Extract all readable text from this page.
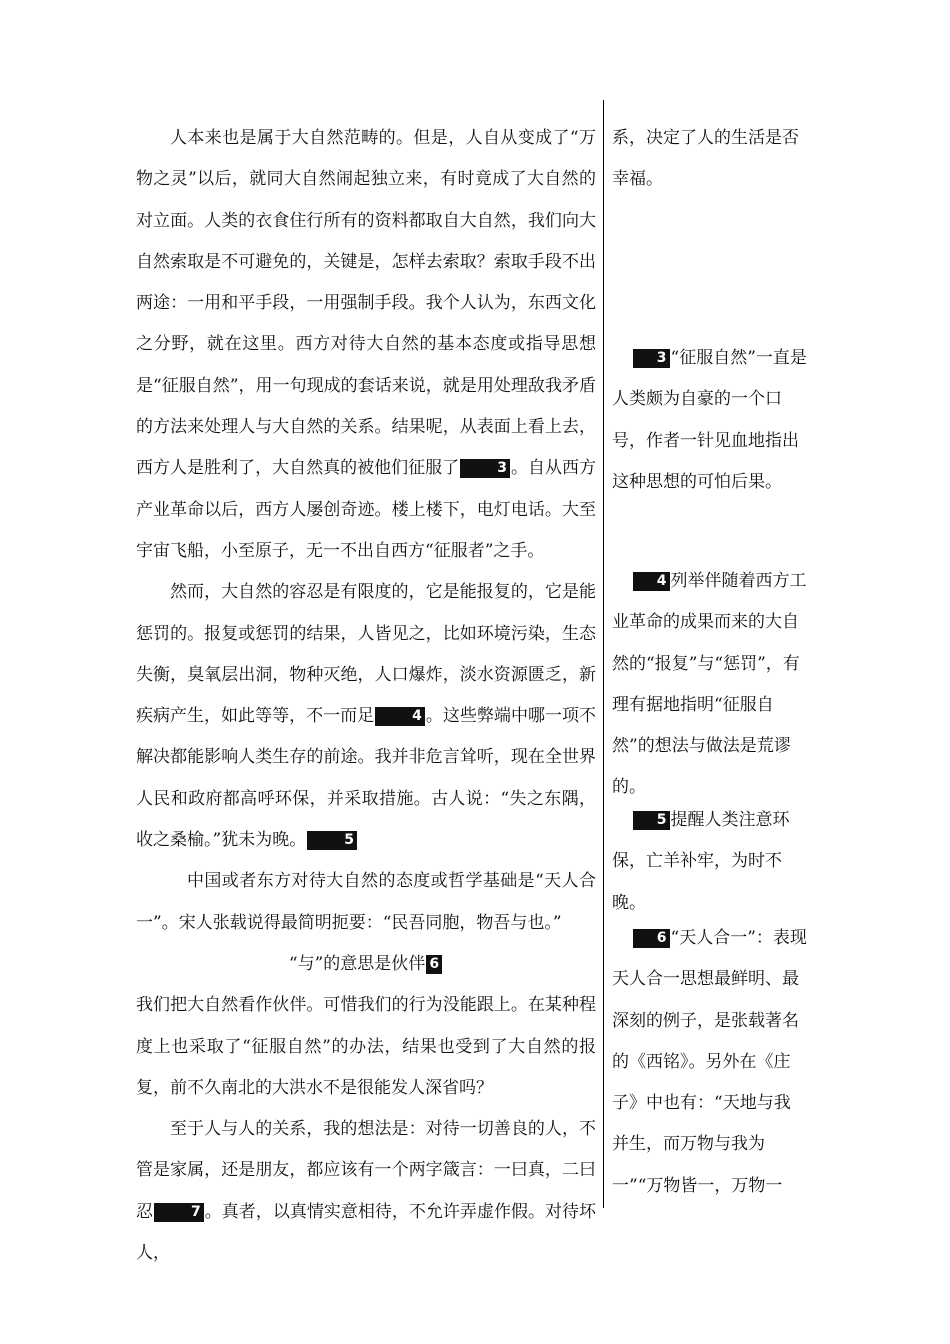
人本来也是属于大自然范畴的。但是，人自从变成了“万物之灵”以后，就同大自然闹起独立来，有时竟成了大自然的对立面。人类的衣食住行所有的资料都取自大自然，我们向大自然索取是不可避免的，关键是，怎样去索取？索取手段不出两途：一用和平手段，一用强制手段。我个人认为，东西文化之分野，就在这里。西方对待大自然的基本态度或指导思想是“征服自然”，用一句现成的套话来说，就是用处理敌我矛盾的方法来处理人与大自然的关系。结果呢，从表面上看上去，西方人是胜利了，大自然真的被他们征服了	3 。自从西方产业革命以后，西方人屡创奇迹。楼上楼下，电灯电话。大至宇宙飞船，小至原子，无一不出自西方“征服者”之手。

然而，大自然的容忍是有限度的，它是能报复的，它是能惩罚的。报复或惩罚的结果，人皆见之，比如环境污染，生态失衡，臭氧层出洞，物种灭绝，人口爆炸，淡水资源匮乏，新疾病产生，如此等等，不一而足	4 。这些弊端中哪一项不解决都能影响人类生存的前途。我并非危言耸听，现在全世界人民和政府都高呼环保，并采取措施。古人说：“失之东隅，收之桑榆。”犹未为晚。	5

中国或者东方对待大自然的态度或哲学基础是“天人合一”。宋人张载说得最简明扼要：“民吾同胞，物吾与也。”

“与”的意思是伙伴 6

我们把大自然看作伙伴。可惜我们的行为没能跟上。在某种程度上也采取了“征服自然”的办法，结果也受到了大自然的报复，前不久南北的大洪水不是很能发人深省吗？

至于人与人的关系，我的想法是：对待一切善良的人，不管是家属，还是朋友，都应该有一个两字箴言：一曰真，二曰忍	7 。真者，以真情实意相待，不允许弄虚作假。对待坏人，

系，决定了人的生活是否幸福。

3 “征服自然”一直是人类颇为自豪的一个口号，作者一针见血地指出这种思想的可怕后果。

4 列举伴随着西方工业革命的成果而来的大自然的“报复”与“惩罚”，有理有据地指明“征服自然”的想法与做法是荒谬的。

5 提醒人类注意环保，亡羊补牢，为时不晚。

6 “天人合一”：表现天人合一思想最鲜明、最深刻的例子，是张载著名的《西铭》。另外在《庄子》中也有：“天地与我并生，而万物与我为一”“万物皆一，万物一
